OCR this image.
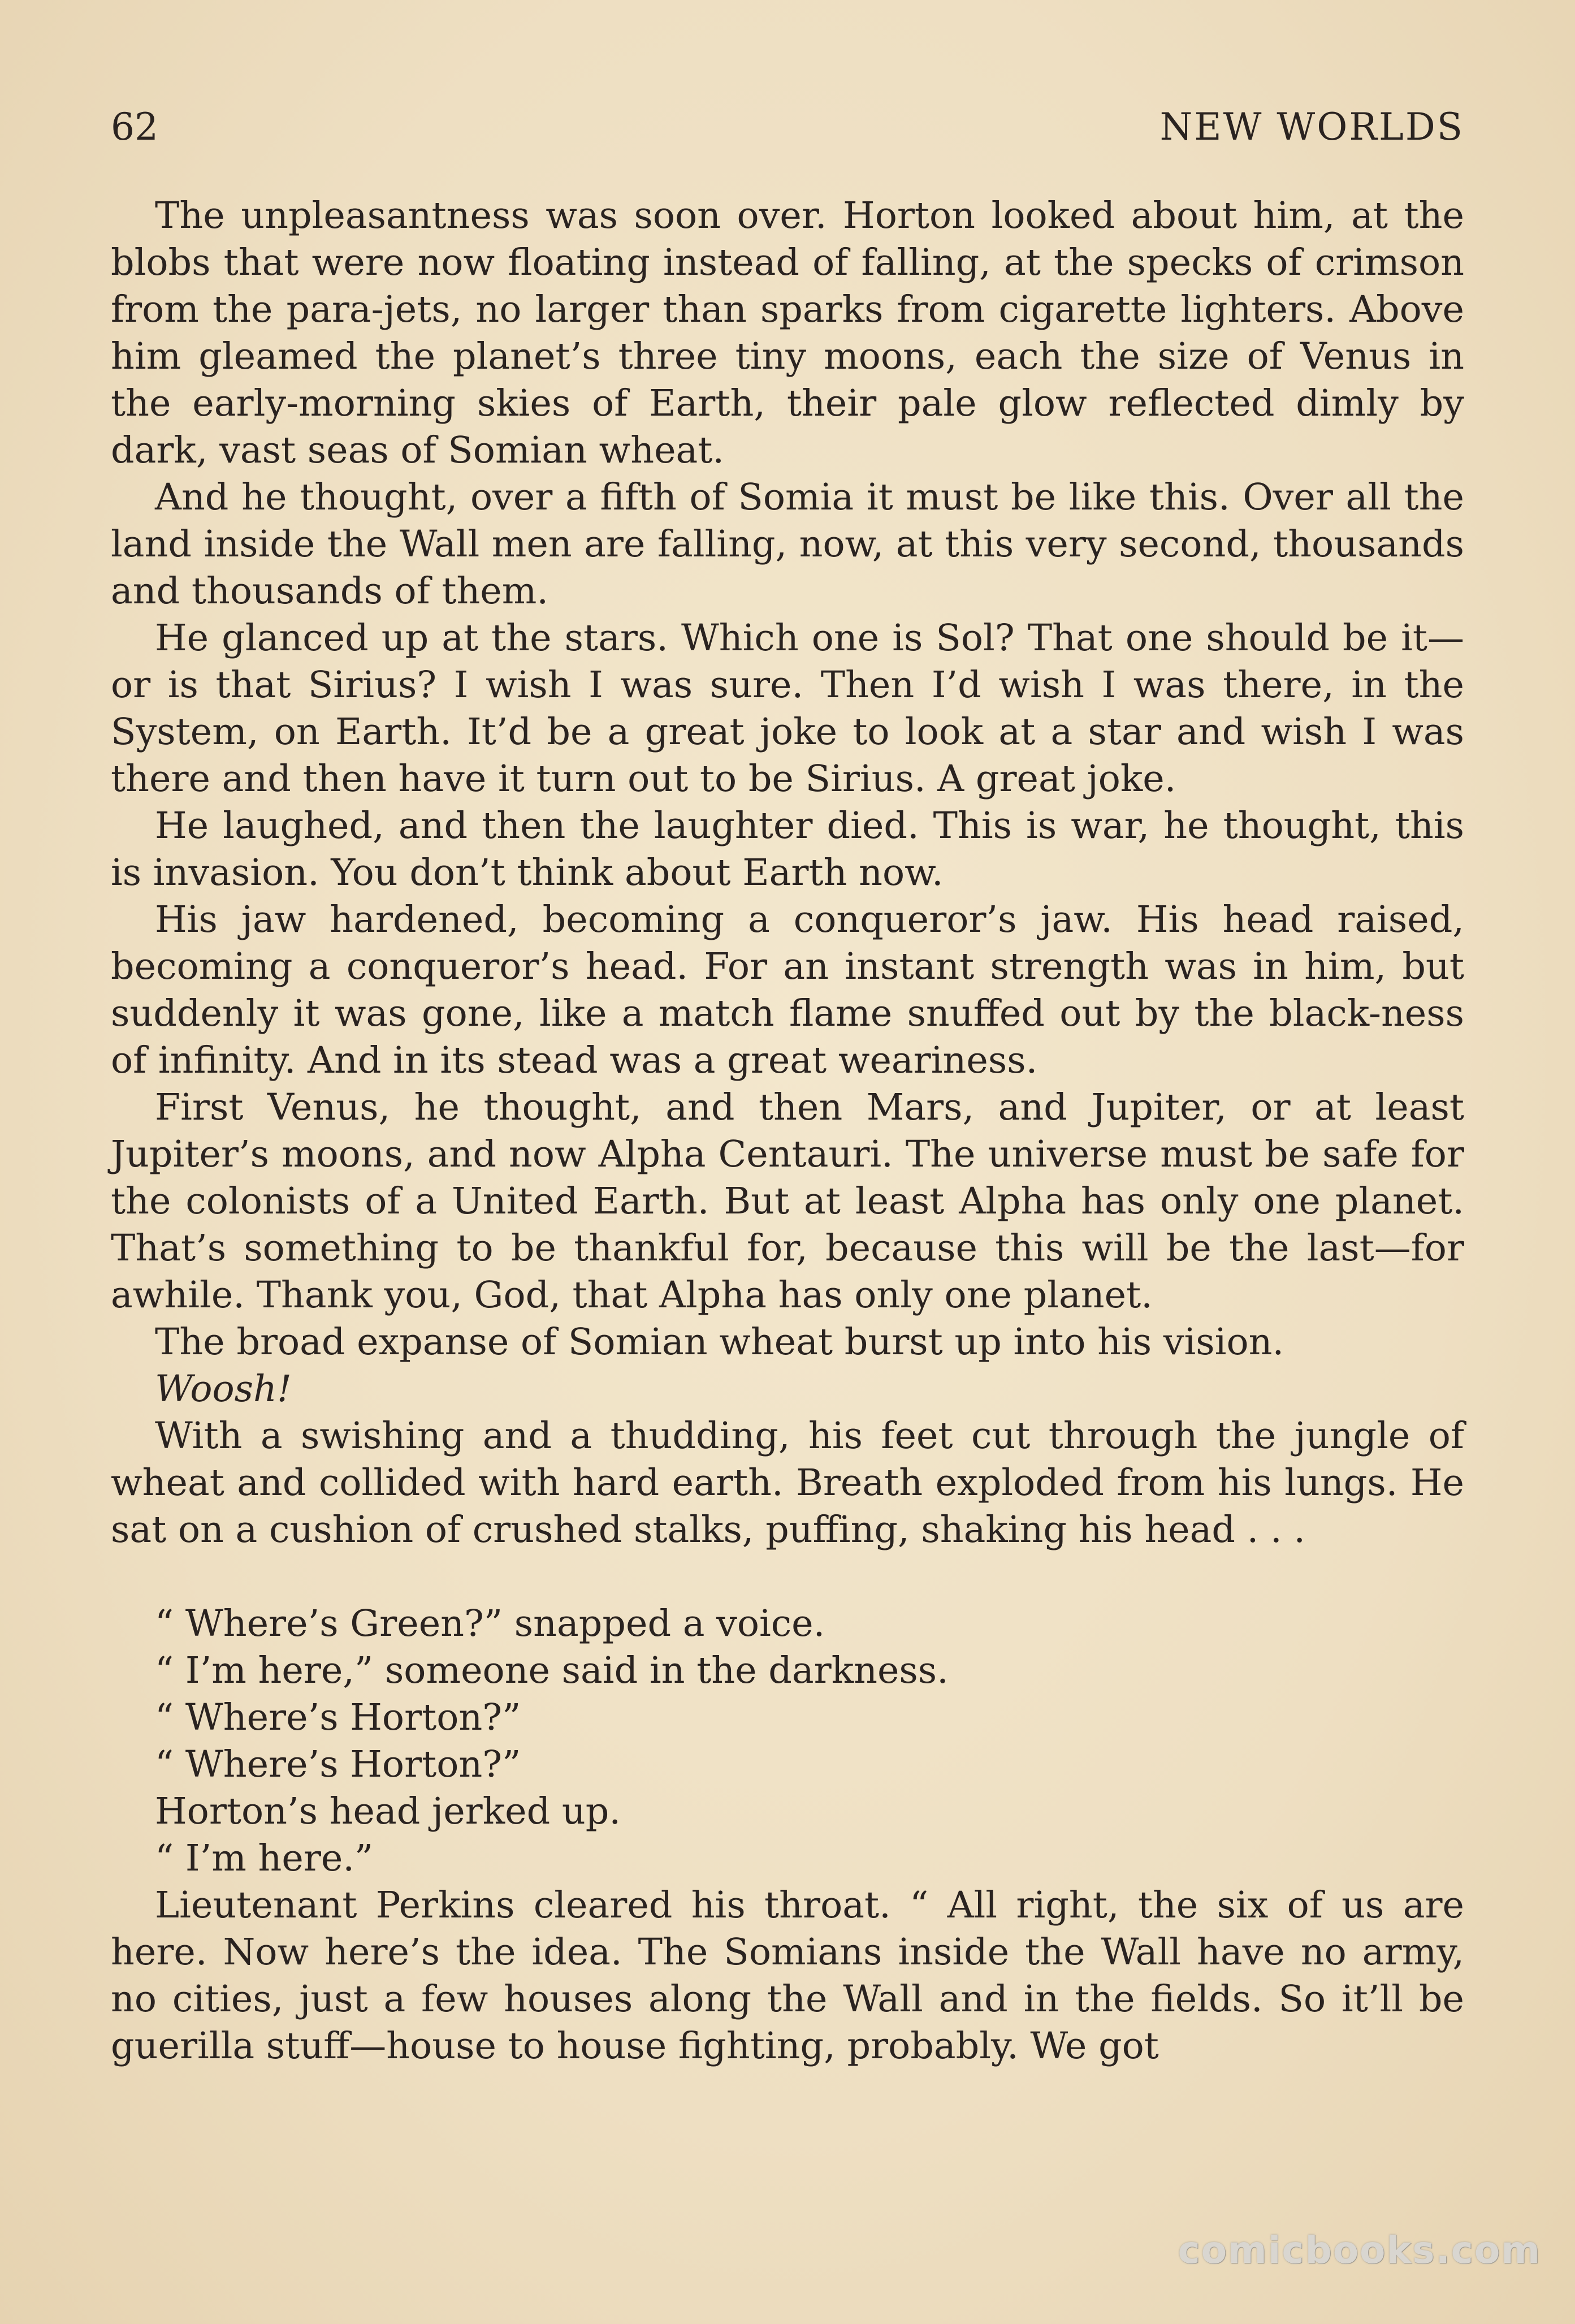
62	NEW WORLDS

The unpleasantness was soon over. Horton looked about him, at the blobs that were now floating instead of falling, at the specks of crimson from the para-jets, no larger than sparks from cigarette lighters. Above him gleamed the planet’s three tiny moons, each the size of Venus in the early-morning skies of Earth, their pale glow reflected dimly by dark, vast seas of Somian wheat.

And he thought, over a fifth of Somia it must be like this. Over all the land inside the Wall men are falling, now, at this very second, thousands and thousands of them.

He glanced up at the stars. Which one is Sol? That one should be it—or is that Sirius? I wish I was sure. Then I’d wish I was there, in the System, on Earth. It’d be a great joke to look at a star and wish I was there and then have it turn out to be Sirius. A great joke.

He laughed, and then the laughter died. This is war, he thought, this is invasion. You don’t think about Earth now.

His jaw hardened, becoming a conqueror’s jaw. His head raised, becoming a conqueror’s head. For an instant strength was in him, but suddenly it was gone, like a match flame snuffed out by the black-ness of infinity. And in its stead was a great weariness.

First Venus, he thought, and then Mars, and Jupiter, or at least Jupiter’s moons, and now Alpha Centauri. The universe must be safe for the colonists of a United Earth. But at least Alpha has only one planet. That’s something to be thankful for, because this will be the last—for awhile. Thank you, God, that Alpha has only one planet.

The broad expanse of Somian wheat burst up into his vision.

Woosh!

With a swishing and a thudding, his feet cut through the jungle of wheat and collided with hard earth. Breath exploded from his lungs. He sat on a cushion of crushed stalks, puffing, shaking his head . . .

“ Where’s Green?” snapped a voice.

“ I’m here,” someone said in the darkness.

“ Where’s Horton?”

“ Where’s Horton?”

Horton’s head jerked up.

“ I’m here.”

Lieutenant Perkins cleared his throat. “ All right, the six of us are here. Now here’s the idea. The Somians inside the Wall have no army, no cities, just a few houses along the Wall and in the fields. So it’ll be guerilla stuff—house to house fighting, probably. We got

comicbooks.com
